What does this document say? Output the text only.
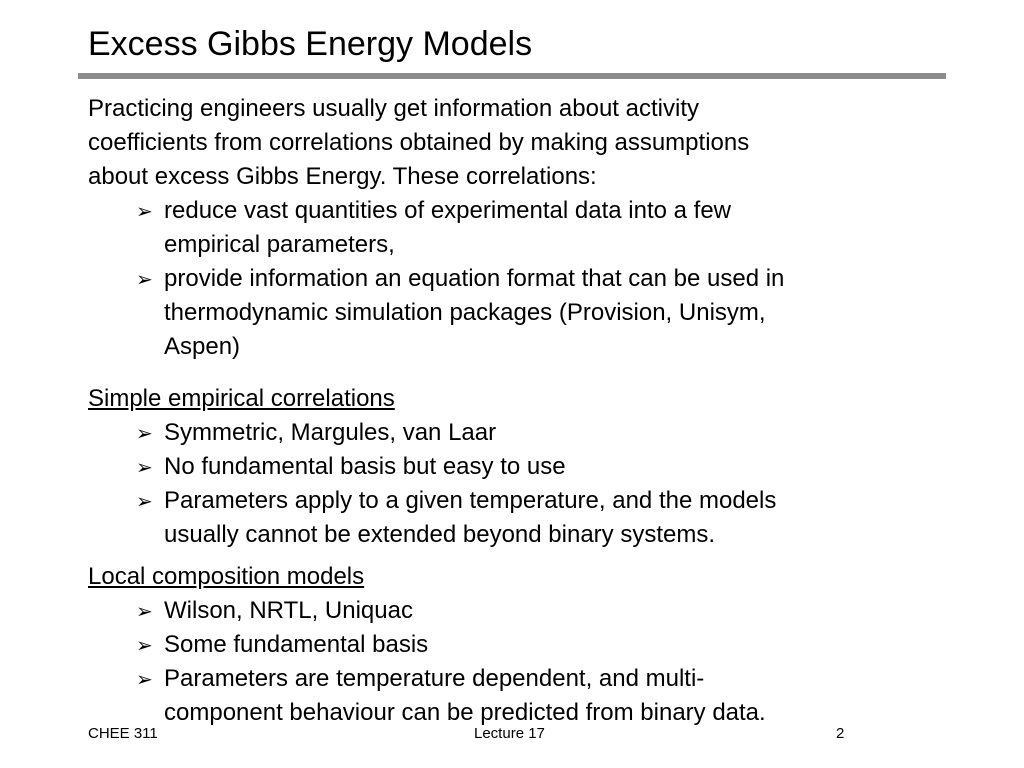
Excess Gibbs Energy Models

Practicing engineers usually get information about activity
coefficients from correlations obtained by making assumptions
about excess Gibbs Energy. These correlations:

➢ reduce vast quantities of experimental data into a few
empirical parameters,
➢ provide information an equation format that can be used in
thermodynamic simulation packages (Provision, Unisym,
Aspen)

Simple empirical correlations

➢ Symmetric, Margules, van Laar
➢ No fundamental basis but easy to use
➢ Parameters apply to a given temperature, and the models
usually cannot be extended beyond binary systems.

Local composition models

➢ Wilson, NRTL, Uniquac
➢ Some fundamental basis
➢ Parameters are temperature dependent, and multi-
component behaviour can be predicted from binary data.
CHEE 311	Lecture 17	2
